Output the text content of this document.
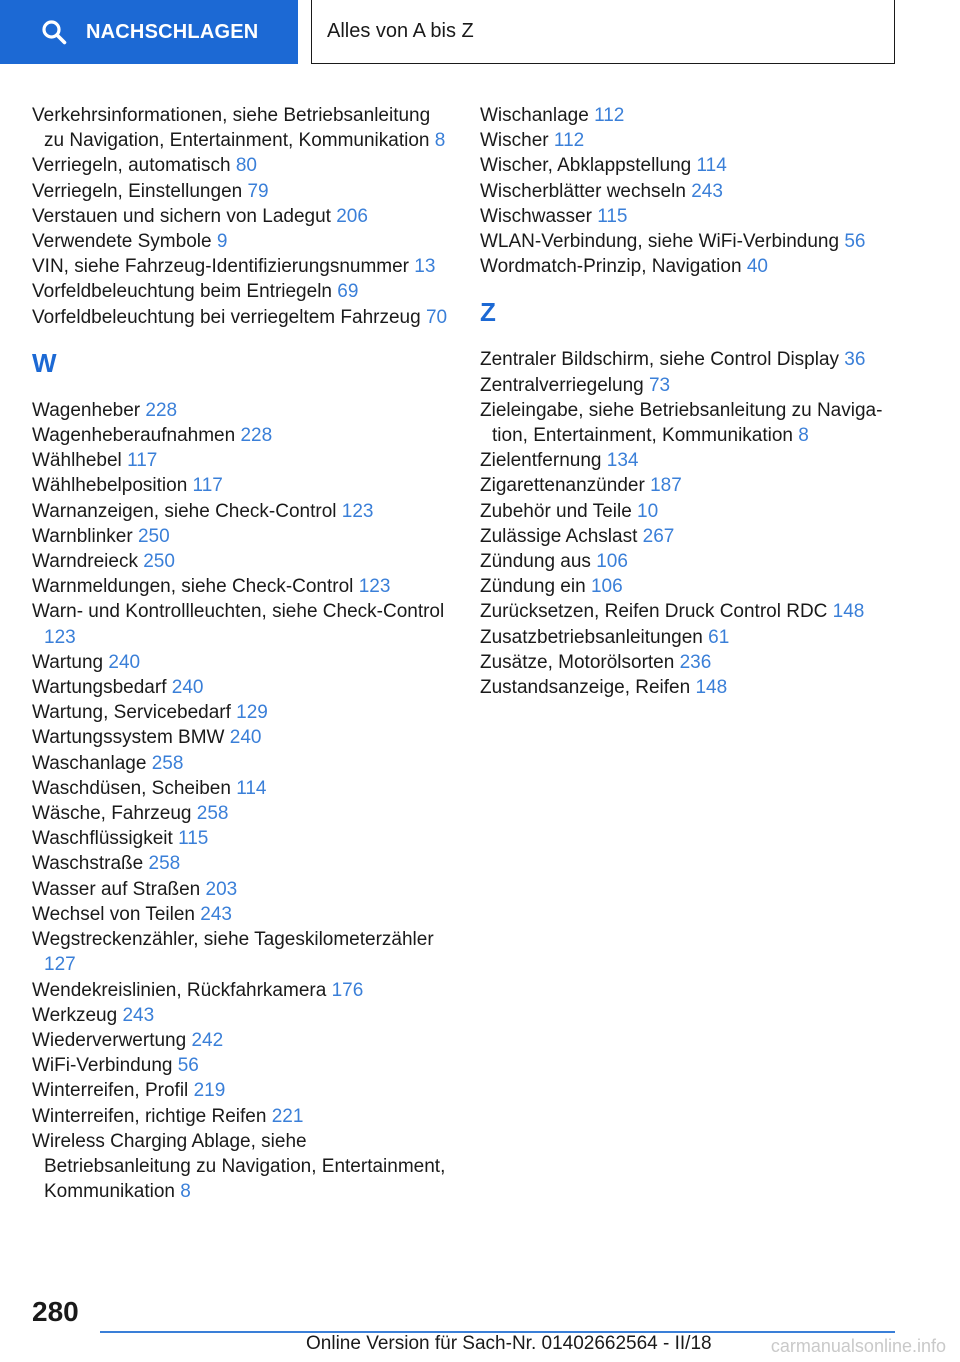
NACHSCHLAGEN	Alles von A bis Z
Verkehrsinformationen, siehe Betriebsanleitung zu Navigation, Entertainment, Kommunikation 8
Verriegeln, automatisch 80
Verriegeln, Einstellungen 79
Verstauen und sichern von Ladegut 206
Verwendete Symbole 9
VIN, siehe Fahrzeug-Identifizierungsnummer 13
Vorfeldbeleuchtung beim Entriegeln 69
Vorfeldbeleuchtung bei verriegeltem Fahrzeug 70
W
Wagenheber 228
Wagenheberaufnahmen 228
Wählhebel 117
Wählhebelposition 117
Warnanzeigen, siehe Check-Control 123
Warnblinker 250
Warndreieck 250
Warnmeldungen, siehe Check-Control 123
Warn- und Kontrollleuchten, siehe Check-Control 123
Wartung 240
Wartungsbedarf 240
Wartung, Servicebedarf 129
Wartungssystem BMW 240
Waschanlage 258
Waschdüsen, Scheiben 114
Wäsche, Fahrzeug 258
Waschflüssigkeit 115
Waschstraße 258
Wasser auf Straßen 203
Wechsel von Teilen 243
Wegstreckenzähler, siehe Tageskilometerzähler 127
Wendekreislinien, Rückfahrkamera 176
Werkzeug 243
Wiederverwertung 242
WiFi-Verbindung 56
Winterreifen, Profil 219
Winterreifen, richtige Reifen 221
Wireless Charging Ablage, siehe Betriebsanleitung zu Navigation, Entertainment, Kommunikation 8
Wischanlage 112
Wischer 112
Wischer, Abklappstellung 114
Wischerblätter wechseln 243
Wischwasser 115
WLAN-Verbindung, siehe WiFi-Verbindung 56
Wordmatch-Prinzip, Navigation 40
Z
Zentraler Bildschirm, siehe Control Display 36
Zentralverriegelung 73
Zieleingabe, siehe Betriebsanleitung zu Navigation, Entertainment, Kommunikation 8
Zielentfernung 134
Zigarettenanzünder 187
Zubehör und Teile 10
Zulässige Achslast 267
Zündung aus 106
Zündung ein 106
Zurücksetzen, Reifen Druck Control RDC 148
Zusatzbetriebsanleitungen 61
Zusätze, Motorölsorten 236
Zustandsanzeige, Reifen 148
280
Online Version für Sach-Nr. 01402662564 - II/18	carmanualsonline.info
